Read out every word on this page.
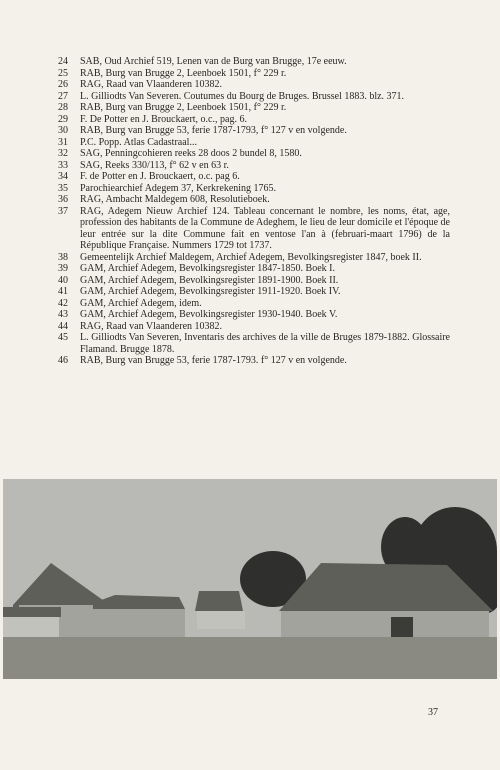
24	SAB, Oud Archief 519, Lenen van de Burg van Brugge, 17e eeuw.
25	RAB, Burg van Brugge 2, Leenboek 1501, f° 229 r.
26	RAG, Raad van Vlaanderen 10382.
27	L. Gilliodts Van Severen. Coutumes du Bourg de Bruges. Brussel 1883. blz. 371.
28	RAB, Burg van Brugge 2, Leenboek 1501, f° 229 r.
29	F. De Potter en J. Brouckaert, o.c., pag. 6.
30	RAB, Burg van Brugge 53, ferie 1787-1793, f° 127 v en volgende.
31	P.C. Popp. Atlas Cadastraal...
32	SAG, Penningcohieren reeks 28 doos 2 bundel 8, 1580.
33	SAG, Reeks 330/113, f° 62 v en 63 r.
34	F. de Potter en J. Brouckaert, o.c. pag 6.
35	Parochiearchief Adegem 37, Kerkrekening 1765.
36	RAG, Ambacht Maldegem 608, Resolutieboek.
37	RAG, Adegem Nieuw Archief 124. Tableau concernant le nombre, les noms, état, age, profession des habitants de la Commune de Adeghem, le lieu de leur domicile et l'époque de leur entrée sur la dite Commune fait en ventose l'an à (februari-maart 1796) de la République Française. Nummers 1729 tot 1737.
38	Gemeentelijk Archief Maldegem, Archief Adegem, Bevolkingsregister 1847, boek II.
39	GAM, Archief Adegem, Bevolkingsregister 1847-1850. Boek I.
40	GAM, Archief Adegem, Bevolkingsregister 1891-1900. Boek II.
41	GAM, Archief Adegem, Bevolkingsregister 1911-1920. Boek IV.
42	GAM, Archief Adegem, idem.
43	GAM, Archief Adegem, Bevolkingsregister 1930-1940. Boek V.
44	RAG, Raad van Vlaanderen 10382.
45	L. Gilliodts Van Severen, Inventaris des archives de la ville de Bruges 1879-1882. Glossaire Flamand. Brugge 1878.
46	RAB, Burg van Brugge 53, ferie 1787-1793. f° 127 v en volgende.
37
